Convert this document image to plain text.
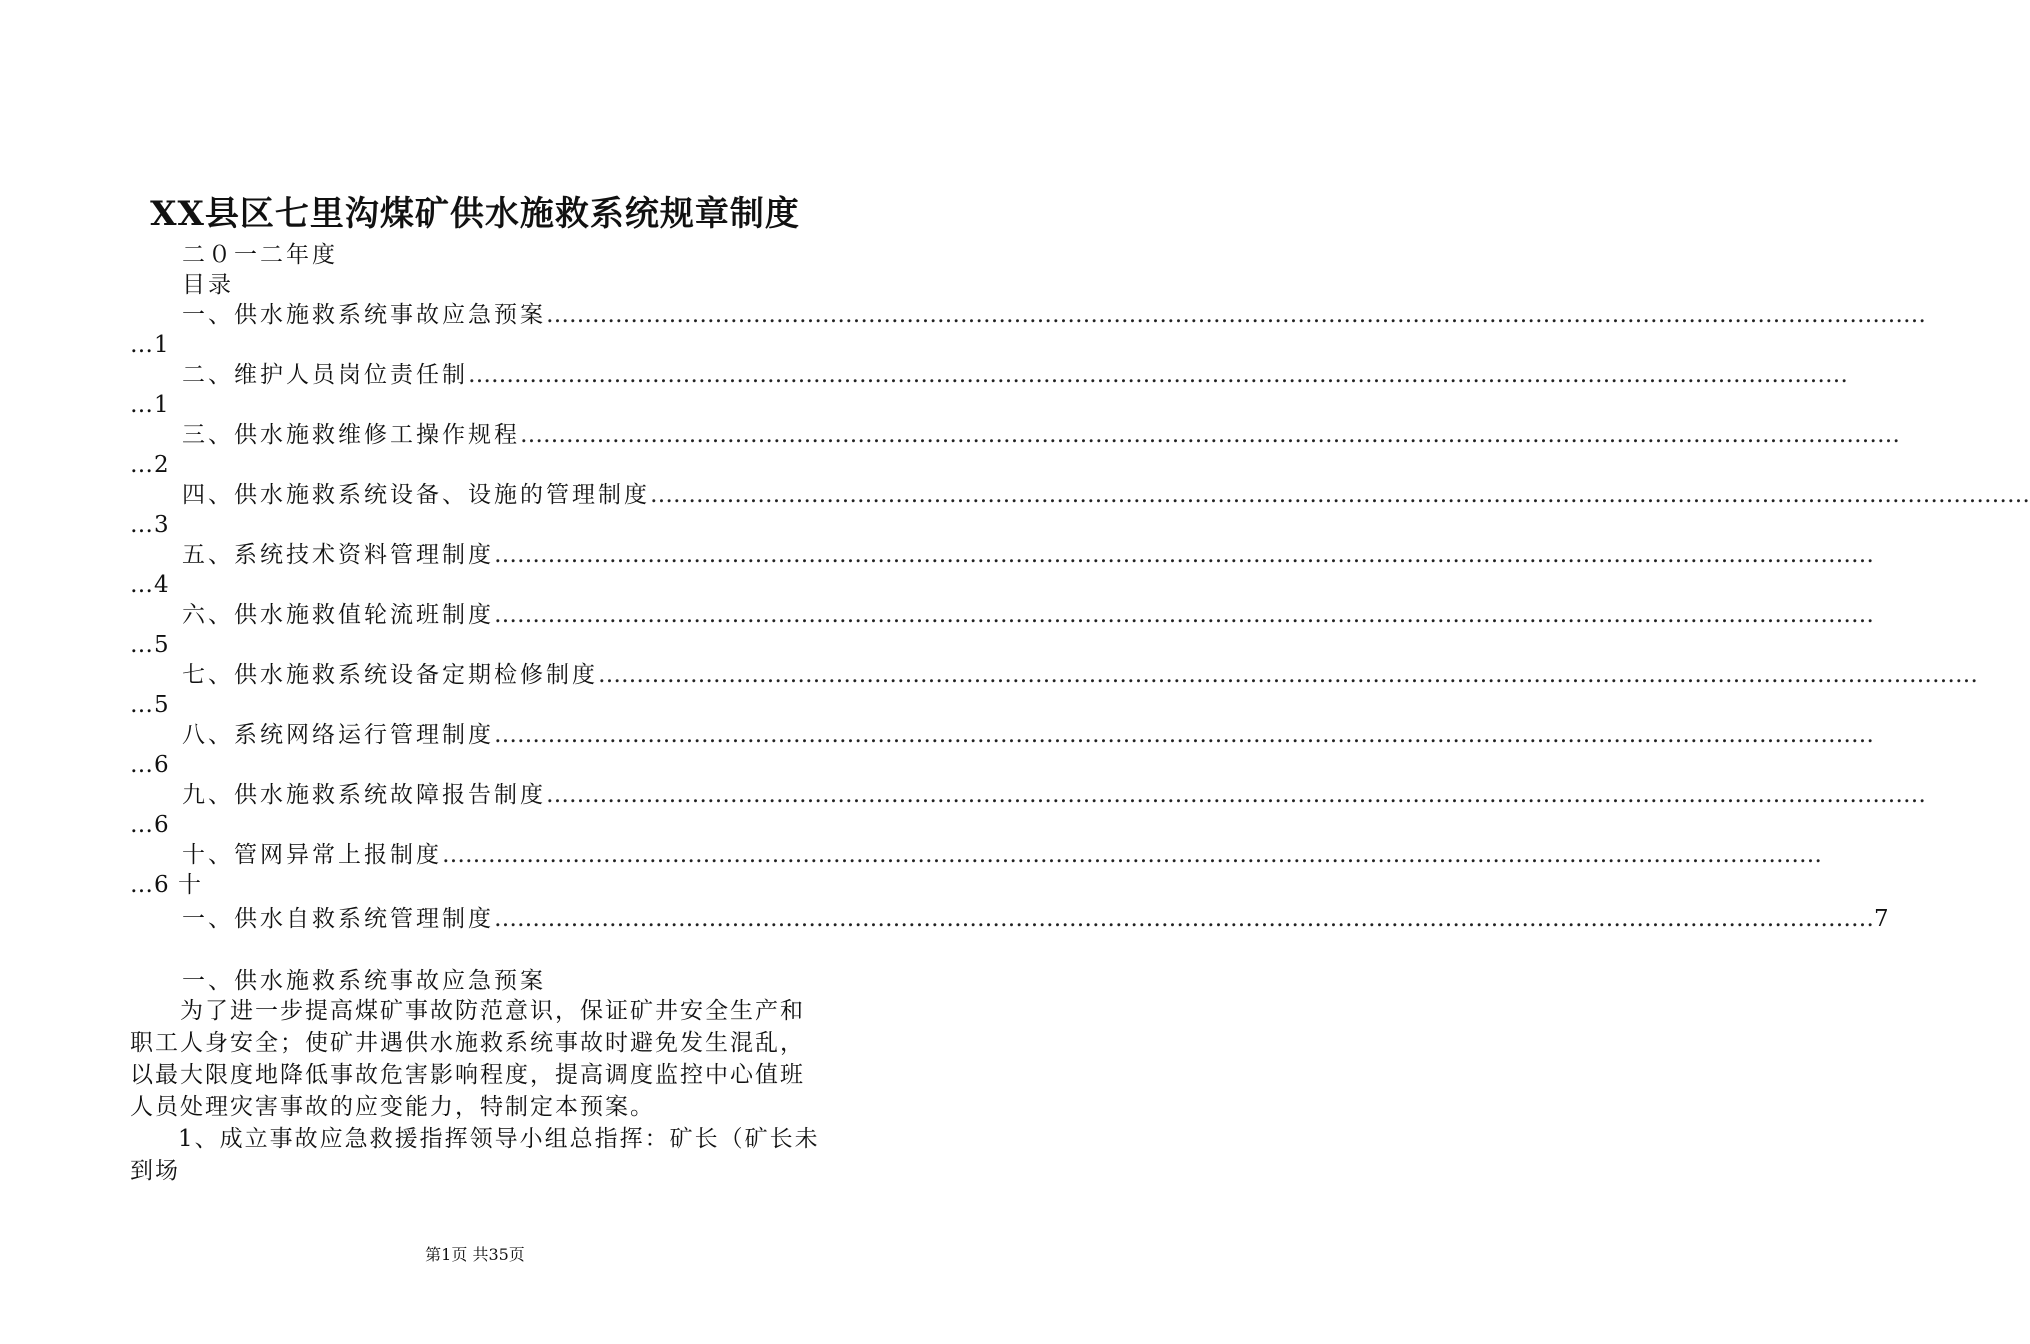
XX县区七里沟煤矿供水施救系统规章制度
二０一二年度
目录
一、供水施救系统事故应急预案 ………………………………………………………………………………………………………………………………………………………………
…1
二、维护人员岗位责任制 ………………………………………………………………………………………………………………………………………………………………
…1
三、供水施救维修工操作规程 ………………………………………………………………………………………………………………………………………………………………
…2
四、供水施救系统设备、设施的管理制度 ………………………………………………………………………………………………………………………………………………………………
…3
五、系统技术资料管理制度 ………………………………………………………………………………………………………………………………………………………………
…4
六、供水施救值轮流班制度 ………………………………………………………………………………………………………………………………………………………………
…5
七、供水施救系统设备定期检修制度 ………………………………………………………………………………………………………………………………………………………………
…5
八、系统网络运行管理制度 ………………………………………………………………………………………………………………………………………………………………
…6
九、供水施救系统故障报告制度 ………………………………………………………………………………………………………………………………………………………………
…6
十、管网异常上报制度 ………………………………………………………………………………………………………………………………………………………………
…6 十
一、供水自救系统管理制度 ……………………………………………………………………………………………………………………………………………………………… 7
一、供水施救系统事故应急预案
为了进一步提高煤矿事故防范意识，保证矿井安全生产和
职工人身安全；使矿井遇供水施救系统事故时避免发生混乱，
以最大限度地降低事故危害影响程度，提高调度监控中心值班
人员处理灾害事故的应变能力，特制定本预案。
1、成立事故应急救援指挥领导小组总指挥：矿长（矿长未
到场
第1页 共35页
